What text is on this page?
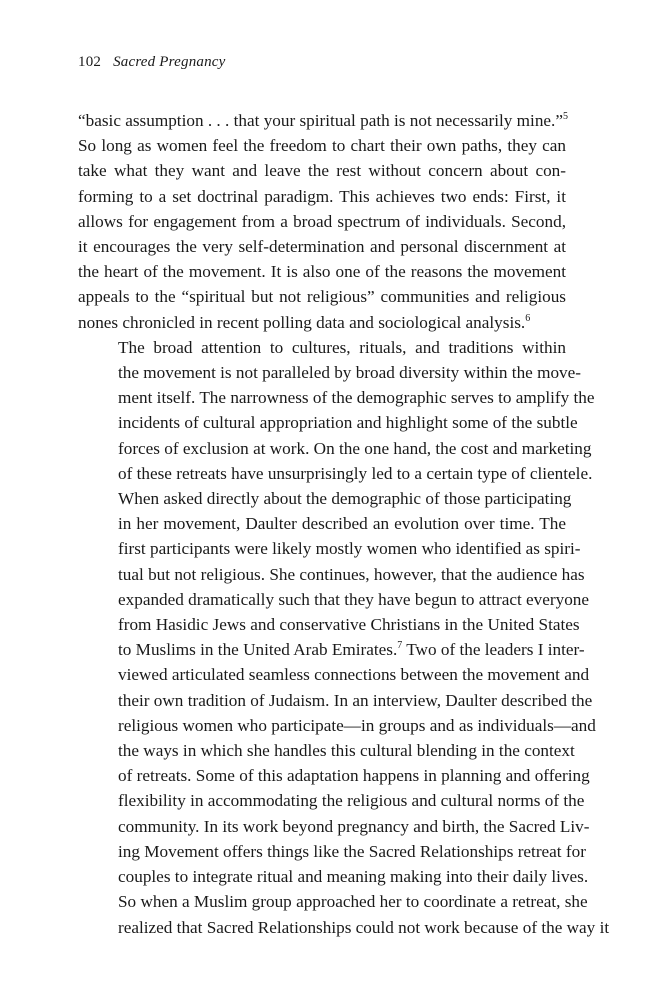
102 Sacred Pregnancy

“basic assumption . . . that your spiritual path is not necessarily mine.”$^5$
So long as women feel the freedom to chart their own paths, they can
take what they want and leave the rest without concern about con-
forming to a set doctrinal paradigm. This achieves two ends: First, it
allows for engagement from a broad spectrum of individuals. Second,
it encourages the very self-determination and personal discernment at
the heart of the movement. It is also one of the reasons the movement
appeals to the “spiritual but not religious” communities and religious
nones chronicled in recent polling data and sociological analysis.$^6$

The broad attention to cultures, rituals, and traditions within
the movement is not paralleled by broad diversity within the move-
ment itself. The narrowness of the demographic serves to amplify the
incidents of cultural appropriation and highlight some of the subtle
forces of exclusion at work. On the one hand, the cost and marketing
of these retreats have unsurprisingly led to a certain type of clientele.
When asked directly about the demographic of those participating
in her movement, Daulter described an evolution over time. The
first participants were likely mostly women who identified as spiri-
tual but not religious. She continues, however, that the audience has
expanded dramatically such that they have begun to attract everyone
from Hasidic Jews and conservative Christians in the United States
to Muslims in the United Arab Emirates.$^7$ Two of the leaders I inter-
viewed articulated seamless connections between the movement and
their own tradition of Judaism. In an interview, Daulter described the
religious women who participate—in groups and as individuals—and
the ways in which she handles this cultural blending in the context
of retreats. Some of this adaptation happens in planning and offering
flexibility in accommodating the religious and cultural norms of the
community. In its work beyond pregnancy and birth, the Sacred Liv-
ing Movement offers things like the Sacred Relationships retreat for
couples to integrate ritual and meaning making into their daily lives.
So when a Muslim group approached her to coordinate a retreat, she
realized that Sacred Relationships could not work because of the way it
